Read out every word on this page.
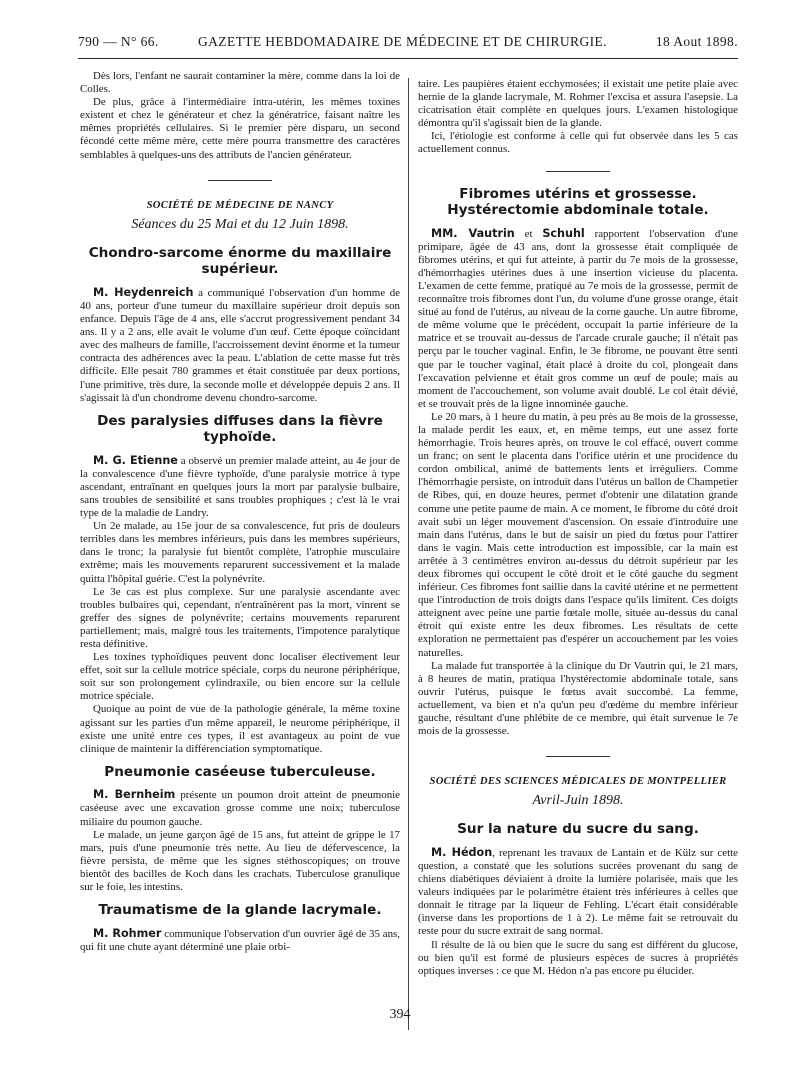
790 — N° 66.	GAZETTE HEBDOMADAIRE DE MÉDECINE ET DE CHIRURGIE.	18 Aout 1898.

Dès lors, l'enfant ne saurait contaminer la mère, comme dans la loi de Colles.

De plus, grâce à l'intermédiaire intra-utérin, les mêmes toxines existent et chez le générateur et chez la génératrice, faisant naître les mêmes propriétés cellulaires. Si le premier père disparu, un second fécondé cette même mère, cette mère pourra transmettre des caractères semblables à quelques-uns des attributs de l'ancien générateur.

SOCIÉTÉ DE MÉDECINE DE NANCY
Séances du 25 Mai et du 12 Juin 1898.
Chondro-sarcome énorme du maxillaire supérieur.

M. Heydenreich a communiqué l'observation d'un homme de 40 ans, porteur d'une tumeur du maxillaire supérieur droit depuis son enfance. Depuis l'âge de 4 ans, elle s'accrut progressivement pendant 34 ans. Il y a 2 ans, elle avait le volume d'un œuf. Cette époque coïncidant avec des malheurs de famille, l'accroissement devint énorme et la tumeur contracta des adhérences avec la peau. L'ablation de cette masse fut très difficile. Elle pesait 780 grammes et était constituée par deux portions, l'une primitive, très dure, la seconde molle et développée depuis 2 ans. Il s'agissait là d'un chondrome devenu chondro-sarcome.

Des paralysies diffuses dans la fièvre typhoïde.

M. G. Etienne a observé un premier malade atteint, au 4e jour de la convalescence d'une fièvre typhoïde, d'une paralysie motrice à type ascendant, entraînant en quelques jours la mort par paralysie bulbaire, sans troubles de sensibilité et sans troubles prophiques ; c'est là le vrai type de la maladie de Landry.

Un 2e malade, au 15e jour de sa convalescence, fut pris de douleurs terribles dans les membres inférieurs, puis dans les membres supérieurs, dans le tronc; la paralysie fut bientôt complète, l'atrophie musculaire extrême; mais les mouvements reparurent successivement et la malade quitta l'hôpital guérie. C'est la polynévrite.

Le 3e cas est plus complexe. Sur une paralysie ascendante avec troubles bulbaires qui, cependant, n'entraînèrent pas la mort, vinrent se greffer des signes de polynévrite; certains mouvements reparurent partiellement; mais, malgré tous les traitements, l'impotence paralytique resta définitive.

Les toxines typhoïdiques peuvent donc localiser électivement leur effet, soit sur la cellule motrice spéciale, corps du neurone périphérique, soit sur son prolongement cylindraxile, ou bien encore sur la cellule motrice spéciale.

Quoique au point de vue de la pathologie générale, la même toxine agissant sur les parties d'un même appareil, le neurome périphérique, il existe une unité entre ces types, il est avantageux au point de vue clinique de maintenir la différenciation symptomatique.

Pneumonie caséeuse tuberculeuse.

M. Bernheim présente un poumon droit atteint de pneumonie caséeuse avec une excavation grosse comme une noix; tuberculose miliaire du poumon gauche.

Le malade, un jeune garçon âgé de 15 ans, fut atteint de grippe le 17 mars, puis d'une pneumonie très nette. Au lieu de défervescence, la fièvre persista, de même que les signes stéthoscopiques; on trouve bientôt des bacilles de Koch dans les crachats. Tuberculose granulique sur le foie, les intestins.

Traumatisme de la glande lacrymale.

M. Rohmer communique l'observation d'un ouvrier âgé de 35 ans, qui fit une chute ayant déterminé une plaie orbi-

taire. Les paupières étaient ecchymosées; il existait une petite plaie avec hernie de la glande lacrymale, M. Rohmer l'excisa et assura l'asepsie. La cicatrisation était complète en quelques jours. L'examen histologique démontra qu'il s'agissait bien de la glande.

Ici, l'étiologie est conforme à celle qui fut observée dans les 5 cas actuellement connus.

Fibromes utérins et grossesse. Hystérectomie abdominale totale.

MM. Vautrin et Schuhl rapportent l'observation d'une primipare, âgée de 43 ans, dont la grossesse était compliquée de fibromes utérins, et qui fut atteinte, à partir du 7e mois de la grossesse, d'hémorrhagies utérines dues à une insertion vicieuse du placenta. L'examen de cette femme, pratiqué au 7e mois de la grossesse, permit de reconnaître trois fibromes dont l'un, du volume d'une grosse orange, était situé au fond de l'utérus, au niveau de la corne gauche. Un autre fibrome, de même volume que le précédent, occupait la partie inférieure de la matrice et se trouvait au-dessus de l'arcade crurale gauche; il n'était pas perçu par le toucher vaginal. Enfin, le 3e fibrome, ne pouvant être senti que par le toucher vaginal, était placé à droite du col, plongeait dans l'excavation pelvienne et était gros comme un œuf de poule; mais au moment de l'accouchement, son volume avait doublé. Le col était dévié, et se trouvait près de la ligne innominée gauche.

Le 20 mars, à 1 heure du matin, à peu près au 8e mois de la grossesse, la malade perdit les eaux, et, en même temps, eut une assez forte hémorrhagie. Trois heures après, on trouve le col effacé, ouvert comme un franc; on sent le placenta dans l'orifice utérin et une procidence du cordon ombilical, animé de battements lents et irréguliers. Comme l'hémorrhagie persiste, on introduit dans l'utérus un ballon de Champetier de Ribes, qui, en douze heures, permet d'obtenir une dilatation grande comme une petite paume de main. A ce moment, le fibrome du côté droit avait subi un léger mouvement d'ascension. On essaie d'introduire une main dans l'utérus, dans le but de saisir un pied du fœtus pour l'attirer dans le vagin. Mais cette introduction est impossible, car la main est arrêtée à 3 centimètres environ au-dessus du détroit supérieur par les deux fibromes qui occupent le côté droit et le côté gauche du segment inférieur. Ces fibromes font saillie dans la cavité utérine et ne permettent que l'introduction de trois doigts dans l'espace qu'ils limitent. Ces doigts atteignent avec peine une partie fœtale molle, située au-dessus du canal étroit qui existe entre les deux fibromes. Les résultats de cette exploration ne permettaient pas d'espérer un accouchement par les voies naturelles.

La malade fut transportée à la clinique du Dr Vautrin qui, le 21 mars, à 8 heures de matin, pratiqua l'hystérectomie abdominale totale, sans ouvrir l'utérus, puisque le fœtus avait succombé. La femme, actuellement, va bien et n'a qu'un peu d'œdème du membre inférieur gauche, résultant d'une phlébite de ce membre, qui était survenue le 7e mois de la grossesse.

SOCIÉTÉ DES SCIENCES MÉDICALES DE MONTPELLIER
Avril-Juin 1898.
Sur la nature du sucre du sang.

M. Hédon, reprenant les travaux de Lantain et de Külz sur cette question, a constaté que les solutions sucrées provenant du sang de chiens diabétiques déviaient à droite la lumière polarisée, mais que les valeurs indiquées par le polarimètre étaient très inférieures à celles que donnait le titrage par la liqueur de Fehling. L'écart était considérable (inverse dans les proportions de 1 à 2). Le même fait se retrouvait du reste pour du sucre extrait de sang normal.

Il résulte de là ou bien que le sucre du sang est différent du glucose, ou bien qu'il est formé de plusieurs espèces de sucres à propriétés optiques inverses : ce que M. Hédon n'a pas encore pu élucider.

394
